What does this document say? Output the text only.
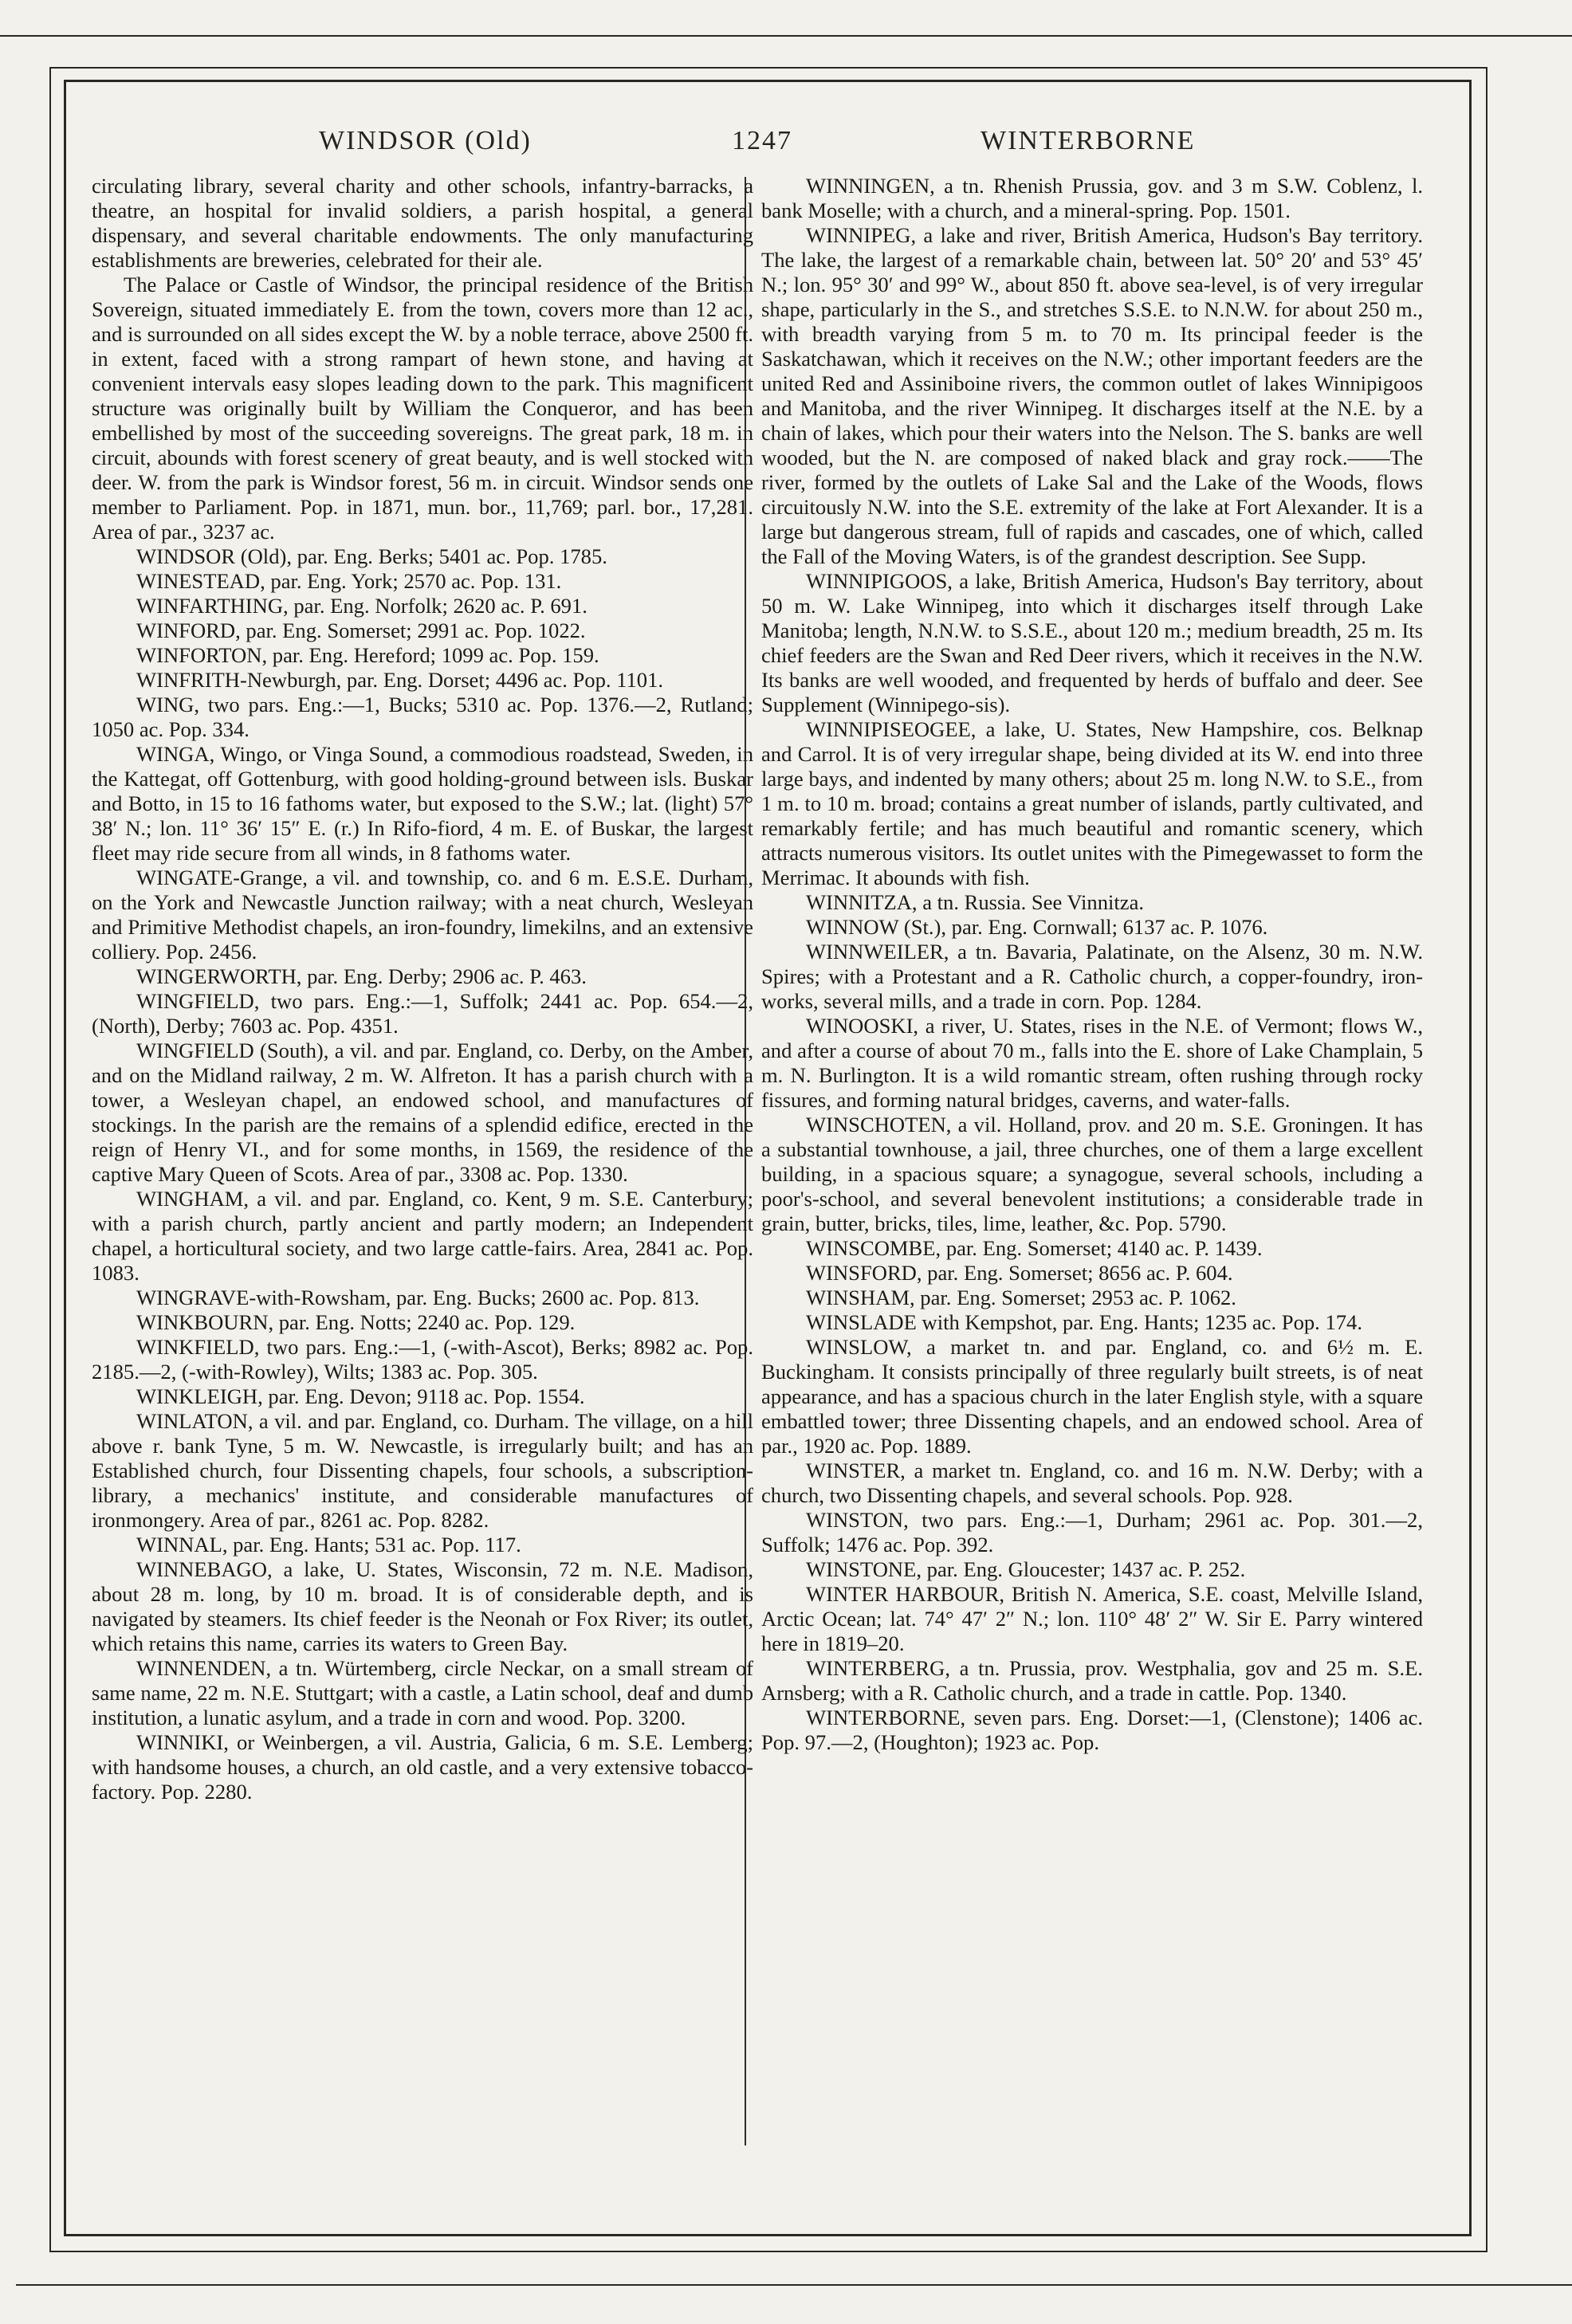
WINDSOR (Old)	1247	WINTERBORNE

circulating library, several charity and other schools, infantry-barracks, a theatre, an hospital for invalid soldiers, a parish hospital, a general dispensary, and several charitable endowments. The only manufacturing establishments are breweries, celebrated for their ale.

The Palace or Castle of Windsor, the principal residence of the British Sovereign, situated immediately E. from the town, covers more than 12 ac., and is surrounded on all sides except the W. by a noble terrace, above 2500 ft. in extent, faced with a strong rampart of hewn stone, and having at convenient intervals easy slopes leading down to the park. This magnificent structure was originally built by William the Conqueror, and has been embellished by most of the succeeding sovereigns. The great park, 18 m. in circuit, abounds with forest scenery of great beauty, and is well stocked with deer. W. from the park is Windsor forest, 56 m. in circuit. Windsor sends one member to Parliament. Pop. in 1871, mun. bor., 11,769; parl. bor., 17,281. Area of par., 3237 ac.

WINDSOR (Old), par. Eng. Berks; 5401 ac. Pop. 1785.

WINESTEAD, par. Eng. York; 2570 ac. Pop. 131.

WINFARTHING, par. Eng. Norfolk; 2620 ac. P. 691.

WINFORD, par. Eng. Somerset; 2991 ac. Pop. 1022.

WINFORTON, par. Eng. Hereford; 1099 ac. Pop. 159.

WINFRITH-Newburgh, par. Eng. Dorset; 4496 ac. Pop. 1101.

WING, two pars. Eng.:—1, Bucks; 5310 ac. Pop. 1376.—2, Rutland; 1050 ac. Pop. 334.

WINGA, Wingo, or Vinga Sound, a commodious roadstead, Sweden, in the Kattegat, off Gottenburg, with good holding-ground between isls. Buskar and Botto, in 15 to 16 fathoms water, but exposed to the S.W.; lat. (light) 57° 38′ N.; lon. 11° 36′ 15″ E. (r.) In Rifo-fiord, 4 m. E. of Buskar, the largest fleet may ride secure from all winds, in 8 fathoms water.

WINGATE-Grange, a vil. and township, co. and 6 m. E.S.E. Durham, on the York and Newcastle Junction railway; with a neat church, Wesleyan and Primitive Methodist chapels, an iron-foundry, limekilns, and an extensive colliery. Pop. 2456.

WINGERWORTH, par. Eng. Derby; 2906 ac. P. 463.

WINGFIELD, two pars. Eng.:—1, Suffolk; 2441 ac. Pop. 654.—2, (North), Derby; 7603 ac. Pop. 4351.

WINGFIELD (South), a vil. and par. England, co. Derby, on the Amber, and on the Midland railway, 2 m. W. Alfreton. It has a parish church with a tower, a Wesleyan chapel, an endowed school, and manufactures of stockings. In the parish are the remains of a splendid edifice, erected in the reign of Henry VI., and for some months, in 1569, the residence of the captive Mary Queen of Scots. Area of par., 3308 ac. Pop. 1330.

WINGHAM, a vil. and par. England, co. Kent, 9 m. S.E. Canterbury; with a parish church, partly ancient and partly modern; an Independent chapel, a horticultural society, and two large cattle-fairs. Area, 2841 ac. Pop. 1083.

WINGRAVE-with-Rowsham, par. Eng. Bucks; 2600 ac. Pop. 813.

WINKBOURN, par. Eng. Notts; 2240 ac. Pop. 129.

WINKFIELD, two pars. Eng.:—1, (-with-Ascot), Berks; 8982 ac. Pop. 2185.—2, (-with-Rowley), Wilts; 1383 ac. Pop. 305.

WINKLEIGH, par. Eng. Devon; 9118 ac. Pop. 1554.

WINLATON, a vil. and par. England, co. Durham. The village, on a hill above r. bank Tyne, 5 m. W. Newcastle, is irregularly built; and has an Established church, four Dissenting chapels, four schools, a subscription-library, a mechanics' institute, and considerable manufactures of ironmongery. Area of par., 8261 ac. Pop. 8282.

WINNAL, par. Eng. Hants; 531 ac. Pop. 117.

WINNEBAGO, a lake, U. States, Wisconsin, 72 m. N.E. Madison, about 28 m. long, by 10 m. broad. It is of considerable depth, and is navigated by steamers. Its chief feeder is the Neonah or Fox River; its outlet, which retains this name, carries its waters to Green Bay.

WINNENDEN, a tn. Würtemberg, circle Neckar, on a small stream of same name, 22 m. N.E. Stuttgart; with a castle, a Latin school, deaf and dumb institution, a lunatic asylum, and a trade in corn and wood. Pop. 3200.

WINNIKI, or Weinbergen, a vil. Austria, Galicia, 6 m. S.E. Lemberg; with handsome houses, a church, an old castle, and a very extensive tobacco-factory. Pop. 2280.

WINNINGEN, a tn. Rhenish Prussia, gov. and 3 m S.W. Coblenz, l. bank Moselle; with a church, and a mineral-spring. Pop. 1501.

WINNIPEG, a lake and river, British America, Hudson's Bay territory. The lake, the largest of a remarkable chain, between lat. 50° 20′ and 53° 45′ N.; lon. 95° 30′ and 99° W., about 850 ft. above sea-level, is of very irregular shape, particularly in the S., and stretches S.S.E. to N.N.W. for about 250 m., with breadth varying from 5 m. to 70 m. Its principal feeder is the Saskatchawan, which it receives on the N.W.; other important feeders are the united Red and Assiniboine rivers, the common outlet of lakes Winnipigoos and Manitoba, and the river Winnipeg. It discharges itself at the N.E. by a chain of lakes, which pour their waters into the Nelson. The S. banks are well wooded, but the N. are composed of naked black and gray rock.——The river, formed by the outlets of Lake Sal and the Lake of the Woods, flows circuitously N.W. into the S.E. extremity of the lake at Fort Alexander. It is a large but dangerous stream, full of rapids and cascades, one of which, called the Fall of the Moving Waters, is of the grandest description. See Supp.

WINNIPIGOOS, a lake, British America, Hudson's Bay territory, about 50 m. W. Lake Winnipeg, into which it discharges itself through Lake Manitoba; length, N.N.W. to S.S.E., about 120 m.; medium breadth, 25 m. Its chief feeders are the Swan and Red Deer rivers, which it receives in the N.W. Its banks are well wooded, and frequented by herds of buffalo and deer. See Supplement (Winnipego-sis).

WINNIPISEOGEE, a lake, U. States, New Hampshire, cos. Belknap and Carrol. It is of very irregular shape, being divided at its W. end into three large bays, and indented by many others; about 25 m. long N.W. to S.E., from 1 m. to 10 m. broad; contains a great number of islands, partly cultivated, and remarkably fertile; and has much beautiful and romantic scenery, which attracts numerous visitors. Its outlet unites with the Pimegewasset to form the Merrimac. It abounds with fish.

WINNITZA, a tn. Russia. See Vinnitza.

WINNOW (St.), par. Eng. Cornwall; 6137 ac. P. 1076.

WINNWEILER, a tn. Bavaria, Palatinate, on the Alsenz, 30 m. N.W. Spires; with a Protestant and a R. Catholic church, a copper-foundry, iron-works, several mills, and a trade in corn. Pop. 1284.

WINOOSKI, a river, U. States, rises in the N.E. of Vermont; flows W., and after a course of about 70 m., falls into the E. shore of Lake Champlain, 5 m. N. Burlington. It is a wild romantic stream, often rushing through rocky fissures, and forming natural bridges, caverns, and water-falls.

WINSCHOTEN, a vil. Holland, prov. and 20 m. S.E. Groningen. It has a substantial townhouse, a jail, three churches, one of them a large excellent building, in a spacious square; a synagogue, several schools, including a poor's-school, and several benevolent institutions; a considerable trade in grain, butter, bricks, tiles, lime, leather, &c. Pop. 5790.

WINSCOMBE, par. Eng. Somerset; 4140 ac. P. 1439.

WINSFORD, par. Eng. Somerset; 8656 ac. P. 604.

WINSHAM, par. Eng. Somerset; 2953 ac. P. 1062.

WINSLADE with Kempshot, par. Eng. Hants; 1235 ac. Pop. 174.

WINSLOW, a market tn. and par. England, co. and 6½ m. E. Buckingham. It consists principally of three regularly built streets, is of neat appearance, and has a spacious church in the later English style, with a square embattled tower; three Dissenting chapels, and an endowed school. Area of par., 1920 ac. Pop. 1889.

WINSTER, a market tn. England, co. and 16 m. N.W. Derby; with a church, two Dissenting chapels, and several schools. Pop. 928.

WINSTON, two pars. Eng.:—1, Durham; 2961 ac. Pop. 301.—2, Suffolk; 1476 ac. Pop. 392.

WINSTONE, par. Eng. Gloucester; 1437 ac. P. 252.

WINTER HARBOUR, British N. America, S.E. coast, Melville Island, Arctic Ocean; lat. 74° 47′ 2″ N.; lon. 110° 48′ 2″ W. Sir E. Parry wintered here in 1819–20.

WINTERBERG, a tn. Prussia, prov. Westphalia, gov and 25 m. S.E. Arnsberg; with a R. Catholic church, and a trade in cattle. Pop. 1340.

WINTERBORNE, seven pars. Eng. Dorset:—1, (Clenstone); 1406 ac. Pop. 97.—2, (Houghton); 1923 ac. Pop.
